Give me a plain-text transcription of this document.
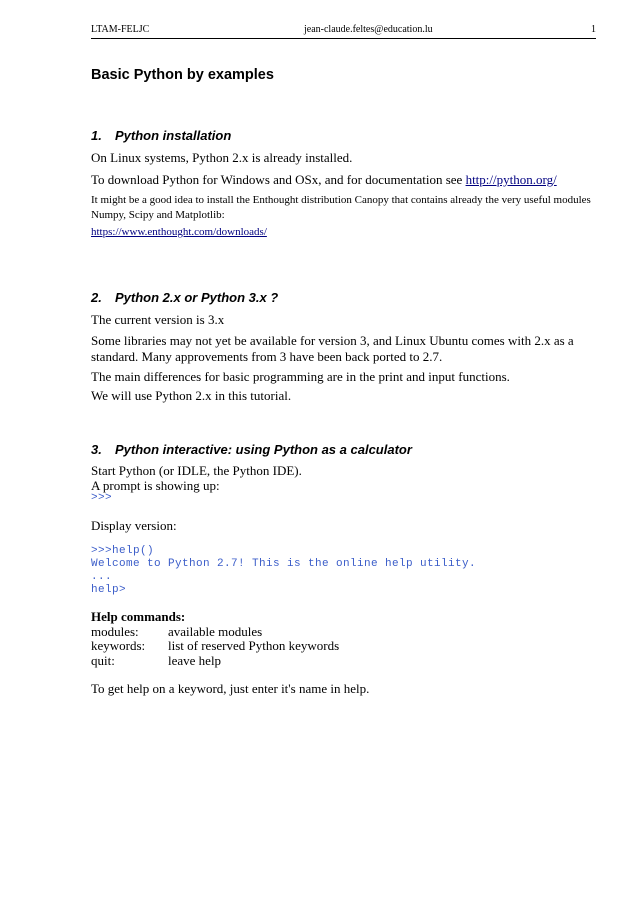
LTAM-FELJC	jean-claude.feltes@education.lu	1
Basic Python by examples
1. Python installation
On Linux systems, Python 2.x is already installed.
To download Python for Windows and OSx, and for documentation see http://python.org/
It might be a good idea to install the Enthought distribution Canopy that contains already the very useful modules
Numpy, Scipy and Matplotlib:
https://www.enthought.com/downloads/
2. Python 2.x or Python 3.x ?
The current version is 3.x
Some libraries may not yet be available for version 3, and Linux Ubuntu comes with 2.x as a
standard. Many approvements from 3 have been back ported to 2.7.
The main differences for basic programming are in the print and input functions.
We will use Python 2.x in this tutorial.
3. Python interactive: using Python as a calculator
Start Python (or IDLE, the Python IDE).
A prompt is showing up:
>>>
Display version:
>>>help()
Welcome to Python 2.7! This is the online help utility.
...
help>
Help commands:
modules: available modules
keywords: list of reserved Python keywords
quit:	leave help
To get help on a keyword, just enter it's name in help.
